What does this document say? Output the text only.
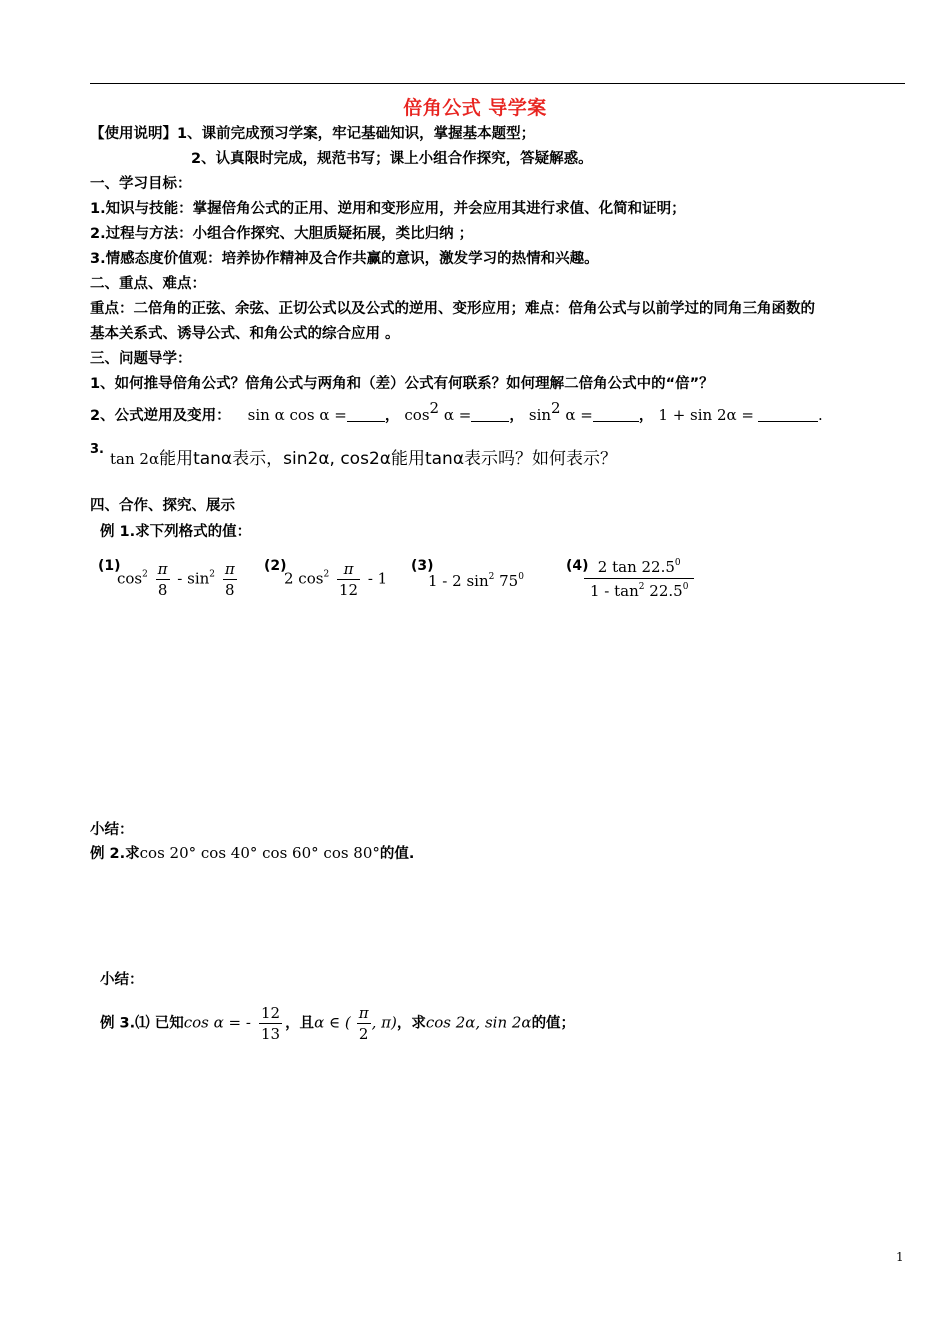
倍角公式 导学案
【使用说明】1、课前完成预习学案，牢记基础知识，掌握基本题型；
2、认真限时完成，规范书写；课上小组合作探究，答疑解惑。
一、学习目标：
1.知识与技能：掌握倍角公式的正用、逆用和变形应用，并会应用其进行求值、化简和证明；
2.过程与方法：小组合作探究、大胆质疑拓展，类比归纳 ；
3.情感态度价值观：培养协作精神及合作共赢的意识，激发学习的热情和兴趣。
二、重点、难点：
重点：二倍角的正弦、余弦、正切公式以及公式的逆用、变形应用；难点：倍角公式与以前学过的同角三角函数的
基本关系式、诱导公式、和角公式的综合应用 。
三、问题导学：
1、如何推导倍角公式？倍角公式与两角和（差）公式有何联系？如何理解二倍角公式中的“倍”？
2、公式逆用及变用： sin α cos α =	， $\cos^2 \alpha$ =	， $\sin^2 \alpha$ =	， 1 + sin 2α =	.
3.
tan 2α能用tanα表示，sin2α, cos2α能用tanα表示吗？如何表示？
四、合作、探究、展示
例 1.求下列格式的值：
(1)
$\cos^2 \frac{\pi}{8} - \sin^2 \frac{\pi}{8} (2)$
2 $\cos^2 \frac{\pi}{12} - 1$
(3)
1 - 2 $\sin^2 75^0$
(4)
$\frac{2 \tan 22.5^0}{1 - \tan^2 22.5^0}$
小结：
例 2.求cos 20° cos 40° cos 60° cos 80°的值.
小结：
例 3.⑴ 已知cos α = - $\frac{12}{13}$ ，且α ∈ ( $\frac{\pi}{2}$ , π)，求cos 2α, sin 2α的值；
1
